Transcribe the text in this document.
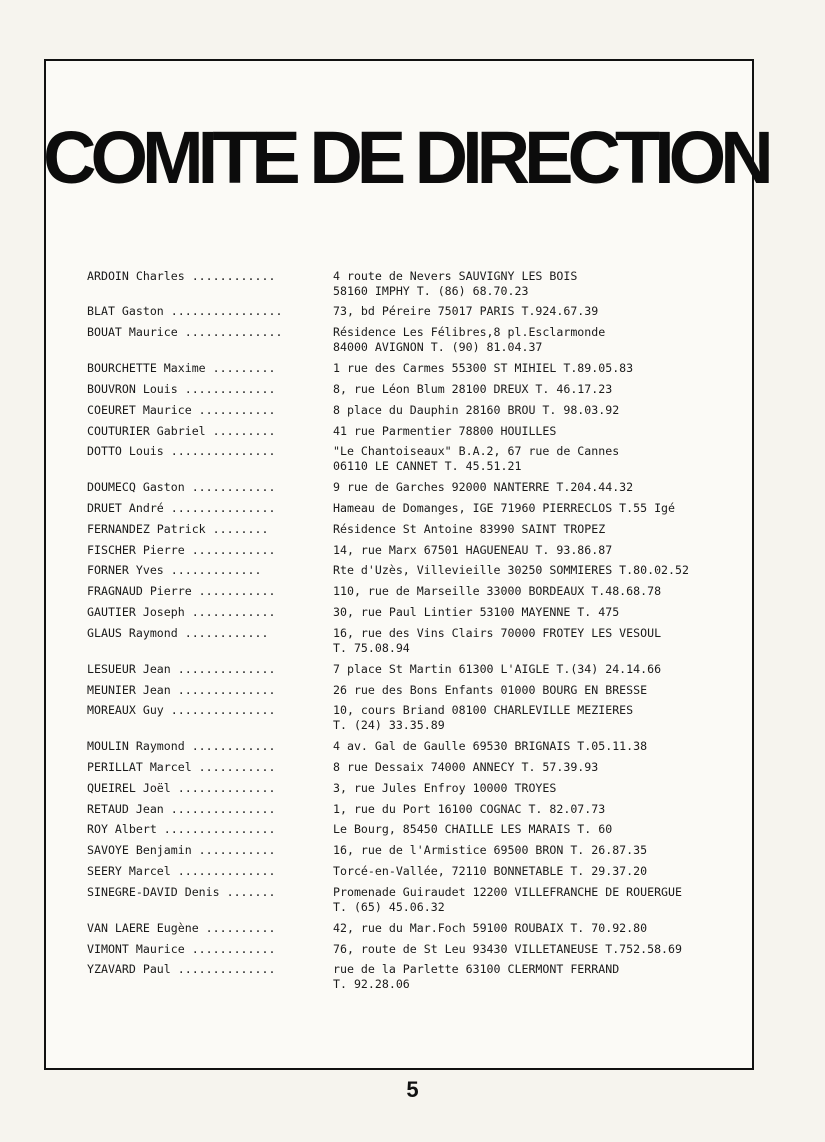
COMITE DE DIRECTION
ARDOIN Charles ............	4 route de Nevers SAUVIGNY LES BOIS
58160 IMPHY T. (86) 68.70.23
BLAT Gaston ................	73, bd Péreire 75017 PARIS T.924.67.39
BOUAT Maurice ..............	Résidence Les Félibres,8 pl.Esclarmonde
84000 AVIGNON T. (90) 81.04.37
BOURCHETTE Maxime .........	1 rue des Carmes 55300 ST MIHIEL T.89.05.83
BOUVRON Louis .............	8, rue Léon Blum 28100 DREUX T. 46.17.23
COEURET Maurice ...........	8 place du Dauphin 28160 BROU T. 98.03.92
COUTURIER Gabriel .........	41 rue Parmentier 78800 HOUILLES
DOTTO Louis ...............	"Le Chantoiseaux" B.A.2, 67 rue de Cannes
06110 LE CANNET T. 45.51.21
DOUMECQ Gaston ............	9 rue de Garches 92000 NANTERRE T.204.44.32
DRUET André ...............	Hameau de Domanges, IGE 71960 PIERRECLOS T.55 Igé
FERNANDEZ Patrick ........	Résidence St Antoine 83990 SAINT TROPEZ
FISCHER Pierre ............	14, rue Marx 67501 HAGUENEAU T. 93.86.87
FORNER Yves .............	Rte d'Uzès, Villevieille 30250 SOMMIERES T.80.02.52
FRAGNAUD Pierre ...........	110, rue de Marseille 33000 BORDEAUX T.48.68.78
GAUTIER Joseph ............	30, rue Paul Lintier 53100 MAYENNE T. 475
GLAUS Raymond ............	16, rue des Vins Clairs 70000 FROTEY LES VESOUL
T. 75.08.94
LESUEUR Jean ..............	7 place St Martin 61300 L'AIGLE T.(34) 24.14.66
MEUNIER Jean ..............	26 rue des Bons Enfants 01000 BOURG EN BRESSE
MOREAUX Guy ...............	10, cours Briand 08100 CHARLEVILLE MEZIERES
T. (24) 33.35.89
MOULIN Raymond ............	4 av. Gal de Gaulle 69530 BRIGNAIS T.05.11.38
PERILLAT Marcel ...........	8 rue Dessaix 74000 ANNECY T. 57.39.93
QUEIREL Joël ..............	3, rue Jules Enfroy 10000 TROYES
RETAUD Jean ...............	1, rue du Port 16100 COGNAC T. 82.07.73
ROY Albert ................	Le Bourg, 85450 CHAILLE LES MARAIS T. 60
SAVOYE Benjamin ...........	16, rue de l'Armistice 69500 BRON T. 26.87.35
SEERY Marcel ..............	Torcé-en-Vallée, 72110 BONNETABLE T. 29.37.20
SINEGRE-DAVID Denis .......	Promenade Guiraudet 12200 VILLEFRANCHE DE ROUERGUE
T. (65) 45.06.32
VAN LAERE Eugène ..........	42, rue du Mar.Foch 59100 ROUBAIX T. 70.92.80
VIMONT Maurice ............	76, route de St Leu 93430 VILLETANEUSE T.752.58.69
YZAVARD Paul ..............	rue de la Parlette 63100 CLERMONT FERRAND
T. 92.28.06
5
